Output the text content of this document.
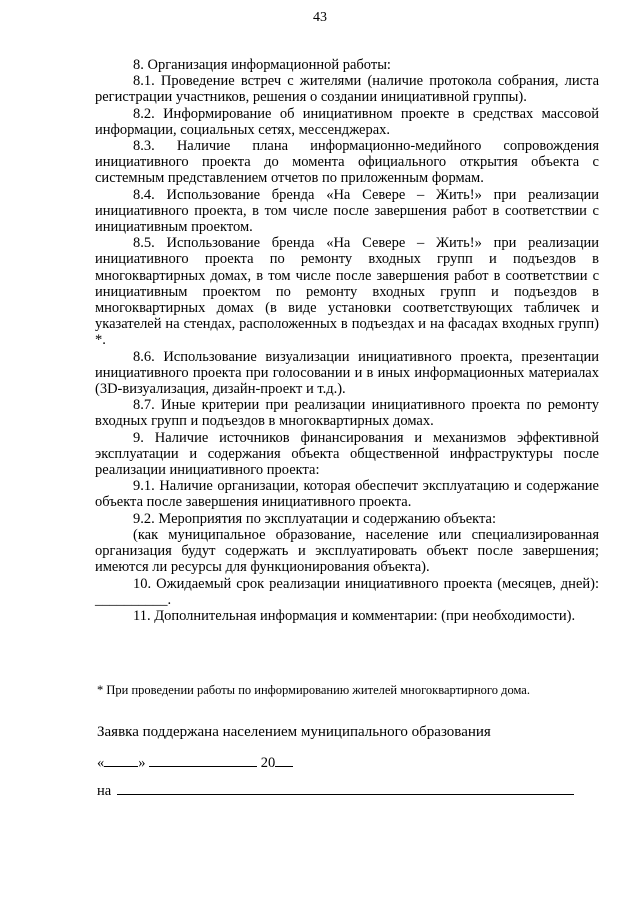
43

8. Организация информационной работы:

8.1. Проведение встреч с жителями (наличие протокола собрания, листа регистрации участников, решения о создании инициативной группы).

8.2. Информирование об инициативном проекте в средствах массовой информации, социальных сетях, мессенджерах.

8.3. Наличие плана информационно-медийного сопровождения инициативного проекта до момента официального открытия объекта с системным представлением отчетов по приложенным формам.

8.4. Использование бренда «На Севере – Жить!» при реализации инициативного проекта, в том числе после завершения работ в соответствии с инициативным проектом.

8.5. Использование бренда «На Севере – Жить!» при реализации инициативного проекта по ремонту входных групп и подъездов в многоквартирных домах, в том числе после завершения работ в соответствии с инициативным проектом по ремонту входных групп и подъездов в многоквартирных домах (в виде установки соответствующих табличек и указателей на стендах, расположенных в подъездах и на фасадах входных групп) *.

8.6. Использование визуализации инициативного проекта, презентации инициативного проекта при голосовании и в иных информационных материалах (3D-визуализация, дизайн-проект и т.д.).

8.7. Иные критерии при реализации инициативного проекта по ремонту входных групп и подъездов в многоквартирных домах.

9. Наличие источников финансирования и механизмов эффективной эксплуатации и содержания объекта общественной инфраструктуры после реализации инициативного проекта:

9.1. Наличие организации, которая обеспечит эксплуатацию и содержание объекта после завершения инициативного проекта.

9.2. Мероприятия по эксплуатации и содержанию объекта:

(как муниципальное образование, население или специализированная организация будут содержать и эксплуатировать объект после завершения; имеются ли ресурсы для функционирования объекта).

10. Ожидаемый срок реализации инициативного проекта (месяцев, дней): __________.

11. Дополнительная информация и комментарии: (при необходимости).

* При проведении работы по информированию жителей многоквартирного дома.
Заявка поддержана населением муниципального образования
« »	20
на
